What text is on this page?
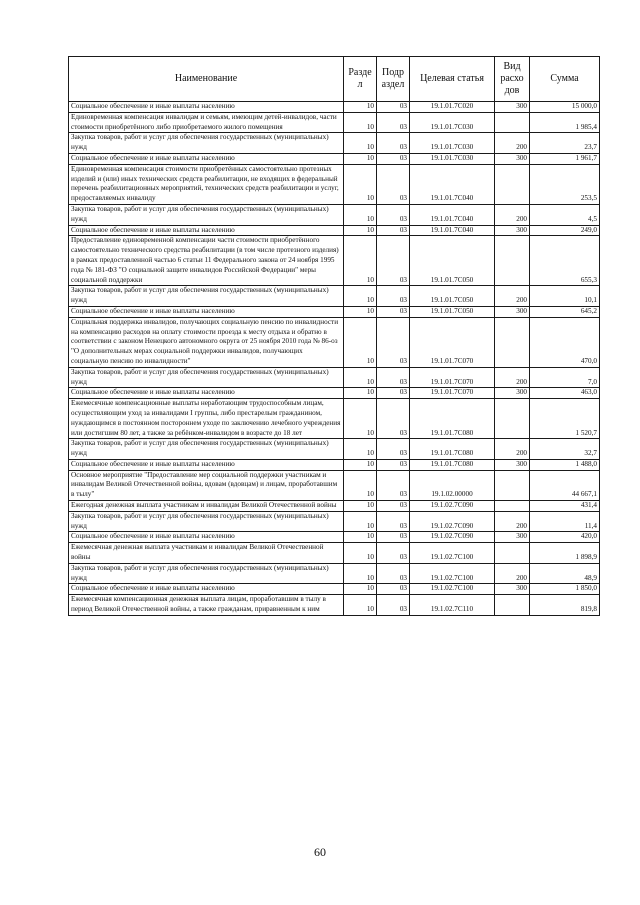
Наименование	Разде л	Подр аздел	Целевая статья	Вид расхо дов	Сумма
Социальное обеспечение и иные выплаты населению	10	03	19.1.01.7С020	300	15 000,0
Единовременная компенсация инвалидам и семьям, имеющим детей-инвалидов, части стоимости приобретённого либо приобретаемого жилого помещения	10	03	19.1.01.7С030		1 985,4
Закупка товаров, работ и услуг для обеспечения государственных (муниципальных) нужд	10	03	19.1.01.7С030	200	23,7
Социальное обеспечение и иные выплаты населению	10	03	19.1.01.7С030	300	1 961,7
Единовременная компенсация стоимости приобретённых самостоятельно протезных изделий и (или) иных технических средств реабилитации, не входящих в федеральный перечень реабилитационных мероприятий, технических средств реабилитации и услуг, предоставляемых инвалиду	10	03	19.1.01.7С040		253,5
Закупка товаров, работ и услуг для обеспечения государственных (муниципальных) нужд	10	03	19.1.01.7С040	200	4,5
Социальное обеспечение и иные выплаты населению	10	03	19.1.01.7С040	300	249,0
Предоставление единовременной компенсации части стоимости приобретённого самостоятельно технического средства реабилитации (в том числе протезного изделия) в рамках предоставленной частью 6 статьи 11 Федерального закона от 24 ноября 1995 года № 181-ФЗ "О социальной защите инвалидов Российской Федерации" меры социальной поддержки	10	03	19.1.01.7С050		655,3
Закупка товаров, работ и услуг для обеспечения государственных (муниципальных) нужд	10	03	19.1.01.7С050	200	10,1
Социальное обеспечение и иные выплаты населению	10	03	19.1.01.7С050	300	645,2
Социальная поддержка инвалидов, получающих социальную пенсию по инвалидности на компенсацию расходов на оплату стоимости проезда к месту отдыха и обратно в соответствии с законом Ненецкого автономного округа от 25 ноября 2010 года № 86-оз "О дополнительных мерах социальной поддержки инвалидов, получающих социальную пенсию по инвалидности"	10	03	19.1.01.7С070		470,0
Закупка товаров, работ и услуг для обеспечения государственных (муниципальных) нужд	10	03	19.1.01.7С070	200	7,0
Социальное обеспечение и иные выплаты населению	10	03	19.1.01.7С070	300	463,0
Ежемесячные компенсационные выплаты неработающим трудоспособным лицам, осуществляющим уход за инвалидами I группы, либо престарелым гражданином, нуждающимся в постоянном постороннем уходе по заключению лечебного учреждения или достигшим 80 лет, а также за ребёнком-инвалидом в возрасте до 18 лет	10	03	19.1.01.7С080		1 520,7
Закупка товаров, работ и услуг для обеспечения государственных (муниципальных) нужд	10	03	19.1.01.7С080	200	32,7
Социальное обеспечение и иные выплаты населению	10	03	19.1.01.7С080	300	1 488,0
Основное мероприятие "Предоставление мер социальной поддержки участникам и инвалидам Великой Отечественной войны, вдовам (вдовцам) и лицам, проработавшим в тылу"	10	03	19.1.02.00000		44 667,1
Ежегодная денежная выплата участникам и инвалидам Великой Отечественной войны	10	03	19.1.02.7С090		431,4
Закупка товаров, работ и услуг для обеспечения государственных (муниципальных) нужд	10	03	19.1.02.7С090	200	11,4
Социальное обеспечение и иные выплаты населению	10	03	19.1.02.7С090	300	420,0
Ежемесячная денежная выплата участникам и инвалидам Великой Отечественной войны	10	03	19.1.02.7С100		1 898,9
Закупка товаров, работ и услуг для обеспечения государственных (муниципальных) нужд	10	03	19.1.02.7С100	200	48,9
Социальное обеспечение и иные выплаты населению	10	03	19.1.02.7С100	300	1 850,0
Ежемесячная компенсационная денежная выплата лицам, проработавшим в тылу в период Великой Отечественной войны, а также гражданам, приравненным к ним	10	03	19.1.02.7С110		819,8
60
